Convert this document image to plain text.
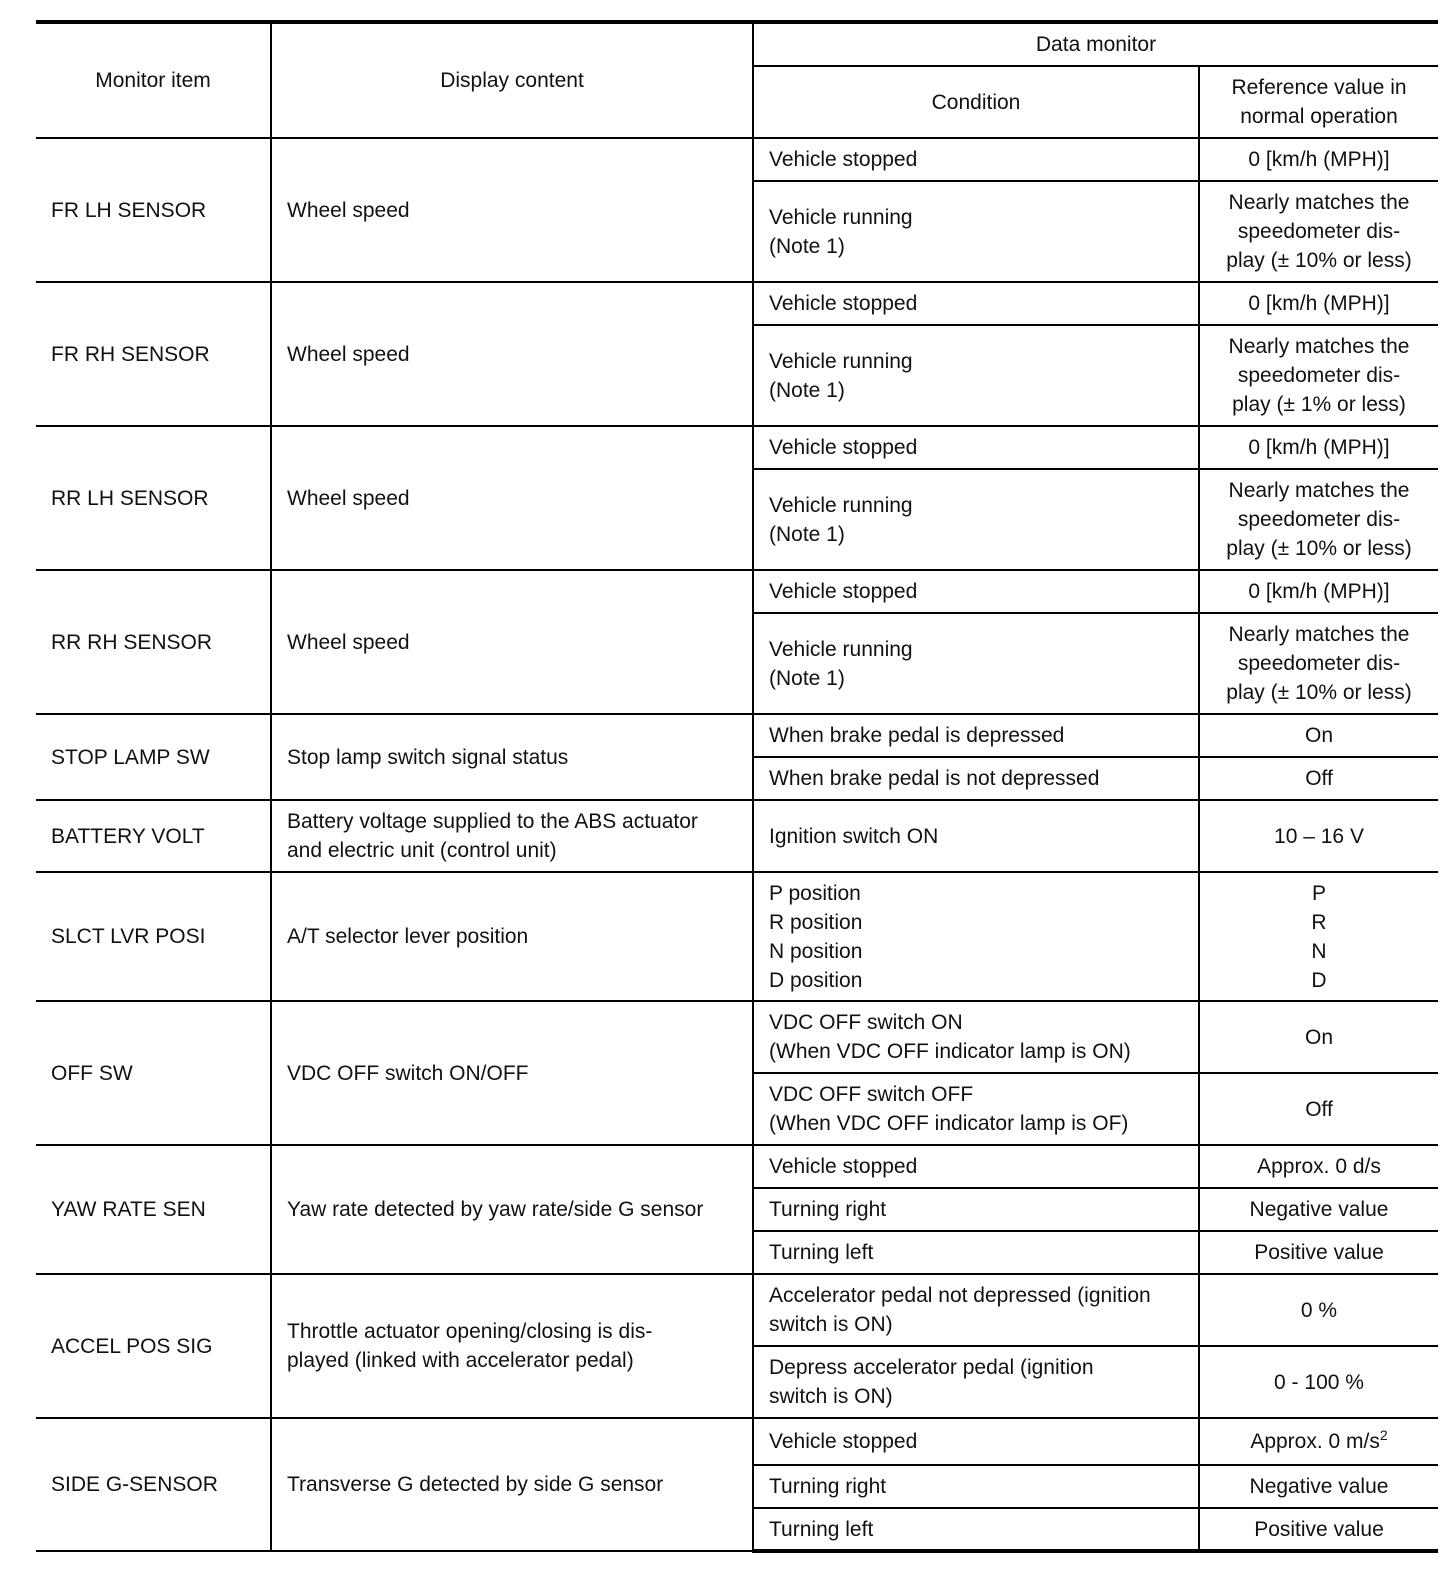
Monitor item	Display content	Data monitor	
		Condition	Reference value in
normal operation
FR LH SENSOR	Wheel speed	Vehicle stopped	0 [km/h (MPH)]
		Vehicle running
(Note 1)	Nearly matches the
speedometer dis-
play (± 10% or less)
FR RH SENSOR	Wheel speed	Vehicle stopped	0 [km/h (MPH)]
		Vehicle running
(Note 1)	Nearly matches the
speedometer dis-
play (± 1% or less)
RR LH SENSOR	Wheel speed	Vehicle stopped	0 [km/h (MPH)]
		Vehicle running
(Note 1)	Nearly matches the
speedometer dis-
play (± 10% or less)
RR RH SENSOR	Wheel speed	Vehicle stopped	0 [km/h (MPH)]
		Vehicle running
(Note 1)	Nearly matches the
speedometer dis-
play (± 10% or less)
STOP LAMP SW	Stop lamp switch signal status	When brake pedal is depressed	On
		When brake pedal is not depressed	Off
BATTERY VOLT	Battery voltage supplied to the ABS actuator
and electric unit (control unit)	Ignition switch ON	10 – 16 V
SLCT LVR POSI	A/T selector lever position	P position
R position
N position
D position	P
R
N
D
OFF SW	VDC OFF switch ON/OFF	VDC OFF switch ON
(When VDC OFF indicator lamp is ON)	On
		VDC OFF switch OFF
(When VDC OFF indicator lamp is OF)	Off
YAW RATE SEN	Yaw rate detected by yaw rate/side G sensor	Vehicle stopped	Approx. 0 d/s
		Turning right	Negative value
		Turning left	Positive value
ACCEL POS SIG	Throttle actuator opening/closing is dis-
played (linked with accelerator pedal)	Accelerator pedal not depressed (ignition
switch is ON)	0 %
		Depress accelerator pedal (ignition
switch is ON)	0 - 100 %
SIDE G-SENSOR	Transverse G detected by side G sensor	Vehicle stopped	Approx. 0 $m/s^2$
		Turning right	Negative value
		Turning left	Positive value
